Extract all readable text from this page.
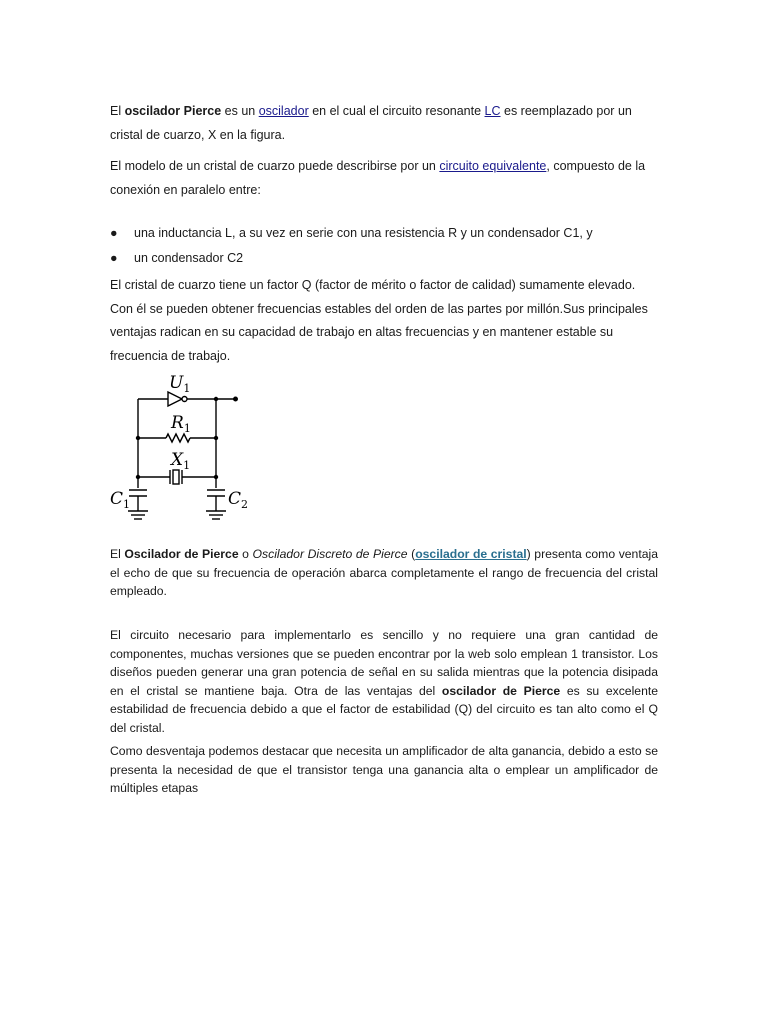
El oscilador Pierce es un oscilador en el cual el circuito resonante LC es reemplazado por un cristal de cuarzo, X en la figura.

El modelo de un cristal de cuarzo puede describirse por un circuito equivalente, compuesto de la conexión en paralelo entre:

● una inductancia L, a su vez en serie con una resistencia R y un condensador C1, y
● un condensador C2

El cristal de cuarzo tiene un factor Q (factor de mérito o factor de calidad) sumamente elevado. Con él se pueden obtener frecuencias estables del orden de las partes por millón.Sus principales ventajas radican en su capacidad de trabajo en altas frecuencias y en mantener estable su frecuencia de trabajo.

$U_1$
$R_1$
$X_1$
$C_1$	$C_2$

El Oscilador de Pierce o Oscilador Discreto de Pierce (oscilador de cristal) presenta como ventaja el echo de que su frecuencia de operación abarca completamente el rango de frecuencia del cristal empleado.

El circuito necesario para implementarlo es sencillo y no requiere una gran cantidad de componentes, muchas versiones que se pueden encontrar por la web solo emplean 1 transistor. Los diseños pueden generar una gran potencia de señal en su salida mientras que la potencia disipada en el cristal se mantiene baja. Otra de las ventajas del oscilador de Pierce es su excelente estabilidad de frecuencia debido a que el factor de estabilidad (Q) del circuito es tan alto como el Q del cristal.

Como desventaja podemos destacar que necesita un amplificador de alta ganancia, debido a esto se presenta la necesidad de que el transistor tenga una ganancia alta o emplear un amplificador de múltiples etapas
